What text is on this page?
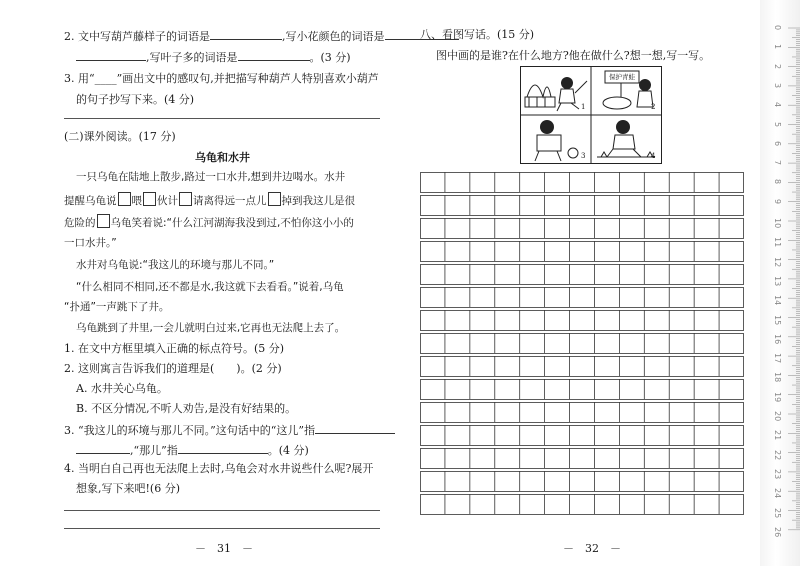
2. 文中写葫芦藤样子的词语是	,写小花颜色的词语是
,写叶子多的词语是	。(3 分)
3. 用“____”画出文中的感叹句,并把描写种葫芦人特别喜欢小葫芦
的句子抄写下来。(4 分)
(二)课外阅读。(17 分)
乌龟和水井
一只乌龟在陆地上散步,路过一口水井,想到井边喝水。水井
提醒乌龟说 喂 伙计 请离得远一点儿 掉到我这儿是很
危险的 乌龟笑着说:“什么江河湖海我没到过,不怕你这小小的
一口水井。”
水井对乌龟说:“我这儿的环境与那儿不同。”
“什么相同不相同,还不都是水,我这就下去看看。”说着,乌龟
“扑通”一声跳下了井。
乌龟跳到了井里,一会儿就明白过来,它再也无法爬上去了。
1. 在文中方框里填入正确的标点符号。(5 分)
2. 这则寓言告诉我们的道理是(　　)。(2 分)
A. 水井关心乌龟。
B. 不区分情况,不听人劝告,是没有好结果的。
3. “我这儿的环境与那儿不同。”这句话中的“这儿”指
,“那儿”指	。(4 分)
4. 当明白自己再也无法爬上去时,乌龟会对水井说些什么呢?展开
想象,写下来吧!(6 分)
－　31　－
八、看图写话。(15 分)
图中画的是谁?在什么地方?他在做什么?想一想,写一写。
保护青蛙
1	2
3	4
－　32　－
0
1
2
3
4
5
6
7
8
9
10
11
12
13
14
15
16
17
18
19
20
21
22
23
24
25
26
